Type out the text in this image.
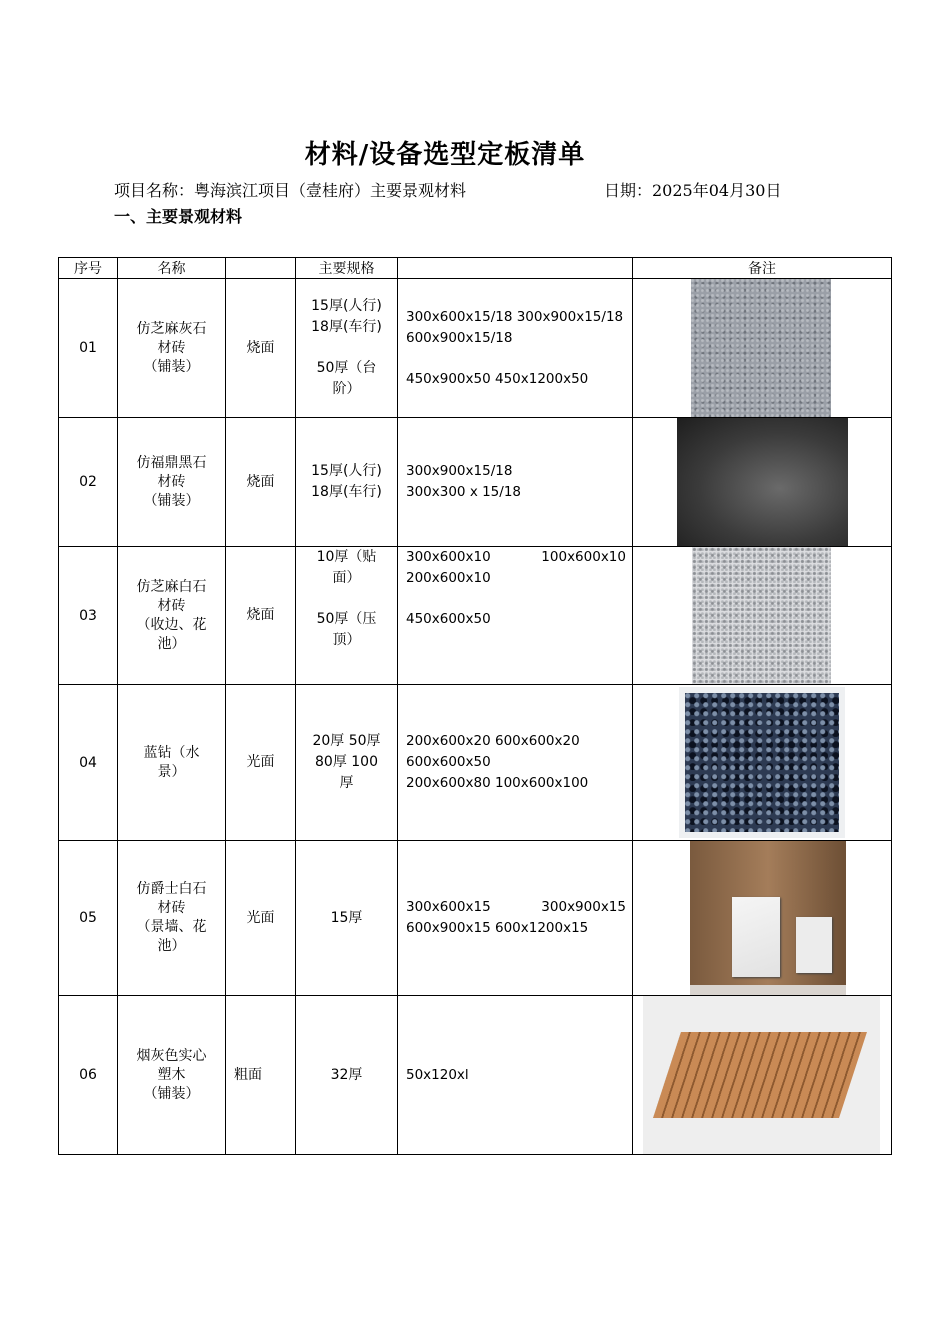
材料/设备选型定板清单
项目名称：粤海滨江项目（壹桂府）主要景观材料	日期：2025年04月30日
一、主要景观材料
序号	名称		主要规格		备注
01	仿芝麻灰石
材砖
（铺装）	烧面	15厚(人行)
18厚(车行)
50厚（台
阶）	300x600x15/18 300x900x15/18
600x900x15/18
450x900x50 450x1200x50	

02	仿福鼎黑石
材砖
（铺装）	烧面	15厚(人行)
18厚(车行)	300x900x15/18
300x300 x 15/18	

03	仿芝麻白石
材砖
（收边、花
池）	烧面	10厚（贴
面）
50厚（压
顶）	300x600x10 100x600x10
200x600x10
450x600x50	

04	蓝钻（水
景）	光面	20厚 50厚
80厚 100
厚	200x600x20 600x600x20
600x600x50
200x600x80 100x600x100	

05	仿爵士白石
材砖
（景墙、花
池）	光面	15厚	300x600x15 300x900x15
600x900x15 600x1200x15	

06	烟灰色实心
塑木
（铺装）	粗面	32厚	50x120xl	
